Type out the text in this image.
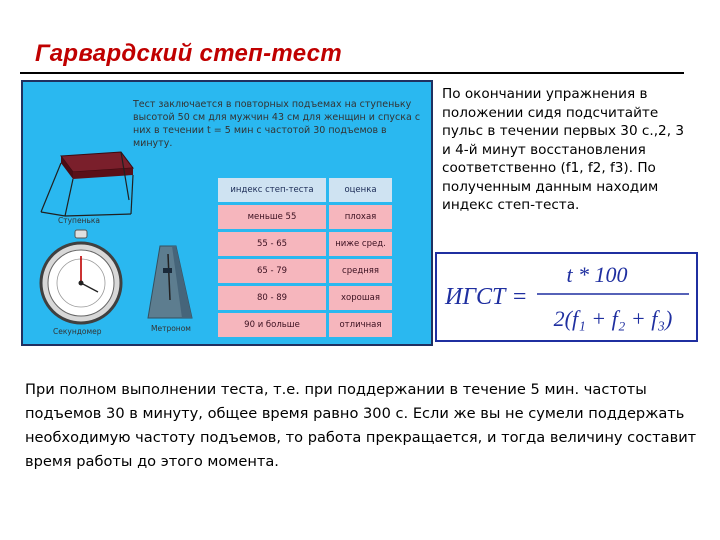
Гарвардский степ-тест
Тест заключается в повторных подъемах на ступеньку высотой 50 см для мужчин 43 см для женщин и спуска с них в течении t = 5 мин с частотой 30 подъемов в минуту.
Ступенька
Секундомер	Метроном
индекс степ-теста	оценка
меньше 55	плохая
55 - 65	ниже сред.
65 - 79	средняя
80 - 89	хорошая
90 и больше	отличная
По окончании упражнения в положении сидя подсчитайте пульс в течении первых 30 с.,2, 3 и 4-й минут восстановления соответственно (f1, f2, f3). По полученным данным находим индекс степ-теста.
ИГСТ =
t * 100
2(f₁ + f₂ + f₃)
При полном выполнении теста, т.е. при поддержании в течение 5 мин. частоты подъемов 30 в минуту, общее время равно 300 с. Если же вы не сумели поддержать необходимую частоту подъемов, то работа прекращается, и тогда величину составит время работы до этого момента.
